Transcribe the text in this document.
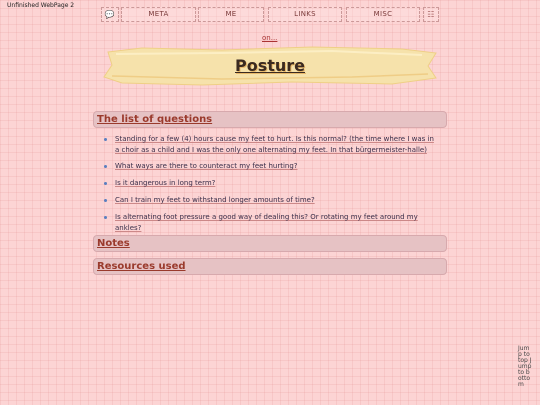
Unfinished WebPage 2
💬	META	ME	LINKS	MISC	☷
on...
Posture
The list of questions
Standing for a few (4) hours cause my feet to hurt. Is this normal? (the time where I was in a choir as a child and I was the only one alternating my feet. In that bürgermeister-halle)
What ways are there to counteract my feet hurting?
Is it dangerous in long term?
Can I train my feet to withstand longer amounts of time?
Is alternating foot pressure a good way of dealing this? Or rotating my feet around my ankles?
Notes
Resources used
Jump to top Jump to bottom
